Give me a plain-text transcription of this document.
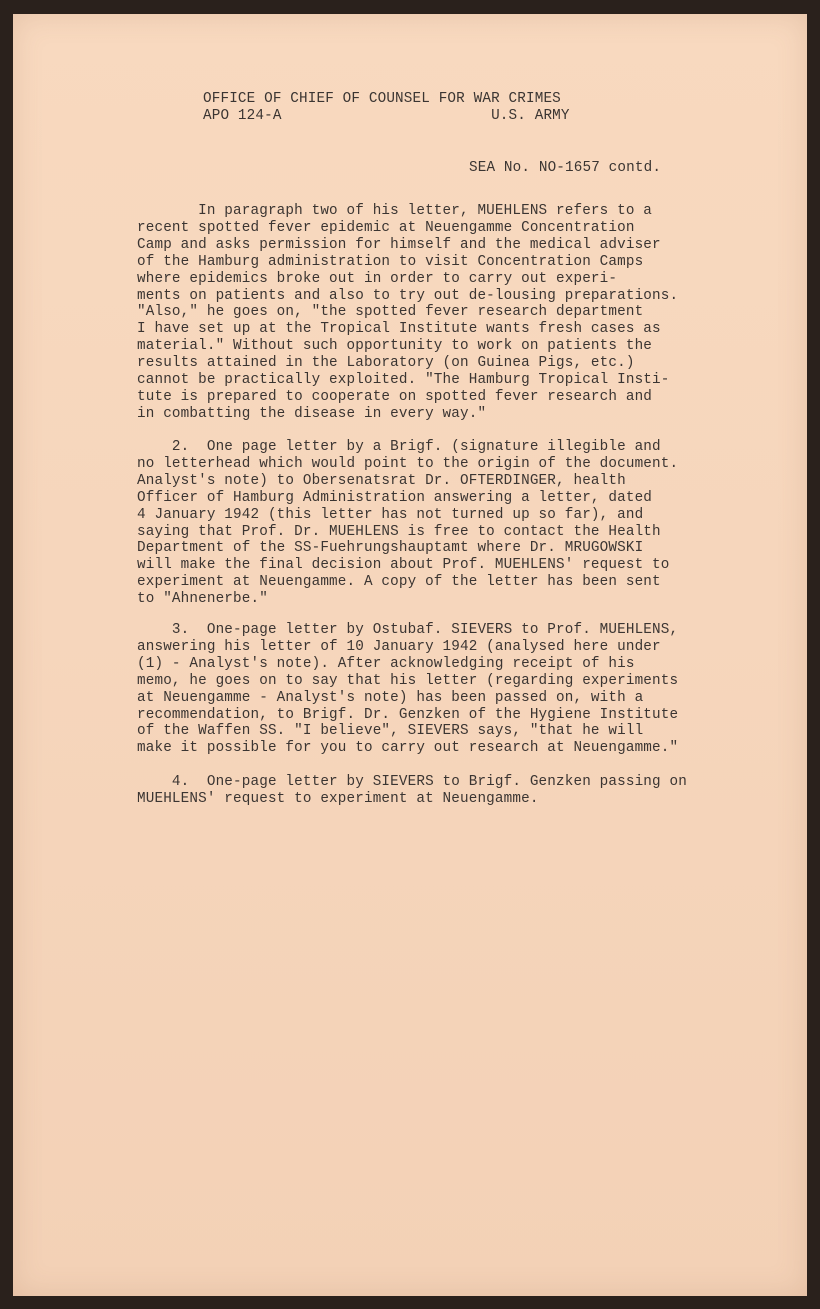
OFFICE OF CHIEF OF COUNSEL FOR WAR CRIMES
APO 124-A                        U.S. ARMY
SEA No. NO-1657 contd.
In paragraph two of his letter, MUEHLENS refers to a
recent spotted fever epidemic at Neuengamme Concentration
Camp and asks permission for himself and the medical adviser
of the Hamburg administration to visit Concentration Camps
where epidemics broke out in order to carry out experi-
ments on patients and also to try out de-lousing preparations.
"Also," he goes on, "the spotted fever research department
I have set up at the Tropical Institute wants fresh cases as
material." Without such opportunity to work on patients the
results attained in the Laboratory (on Guinea Pigs, etc.)
cannot be practically exploited. "The Hamburg Tropical Insti-
tute is prepared to cooperate on spotted fever research and
in combatting the disease in every way."
2.  One page letter by a Brigf. (signature illegible and
no letterhead which would point to the origin of the document.
Analyst's note) to Obersenatsrat Dr. OFTERDINGER, health
Officer of Hamburg Administration answering a letter, dated
4 January 1942 (this letter has not turned up so far), and
saying that Prof. Dr. MUEHLENS is free to contact the Health
Department of the SS-Fuehrungshauptamt where Dr. MRUGOWSKI
will make the final decision about Prof. MUEHLENS' request to
experiment at Neuengamme. A copy of the letter has been sent
to "Ahnenerbe."
3.  One-page letter by Ostubaf. SIEVERS to Prof. MUEHLENS,
answering his letter of 10 January 1942 (analysed here under
(1) - Analyst's note). After acknowledging receipt of his
memo, he goes on to say that his letter (regarding experiments
at Neuengamme - Analyst's note) has been passed on, with a
recommendation, to Brigf. Dr. Genzken of the Hygiene Institute
of the Waffen SS. "I believe", SIEVERS says, "that he will
make it possible for you to carry out research at Neuengamme."
4.  One-page letter by SIEVERS to Brigf. Genzken passing on
MUEHLENS' request to experiment at Neuengamme.
